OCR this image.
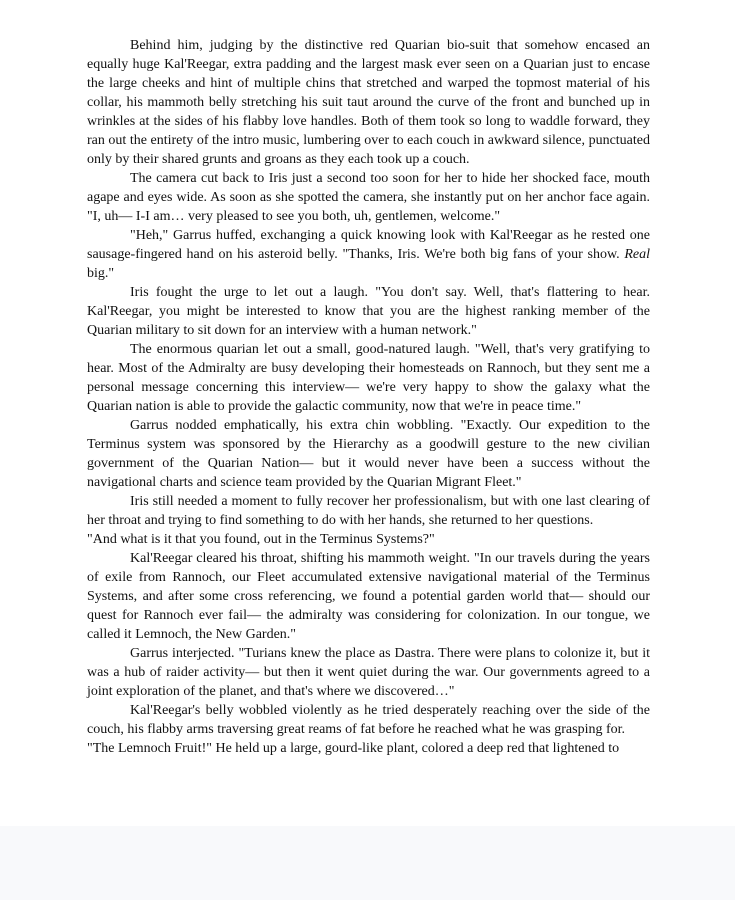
Behind him, judging by the distinctive red Quarian bio-suit that somehow encased an equally huge Kal'Reegar, extra padding and the largest mask ever seen on a Quarian just to encase the large cheeks and hint of multiple chins that stretched and warped the topmost material of his collar, his mammoth belly stretching his suit taut around the curve of the front and bunched up in wrinkles at the sides of his flabby love handles. Both of them took so long to waddle forward, they ran out the entirety of the intro music, lumbering over to each couch in awkward silence, punctuated only by their shared grunts and groans as they each took up a couch.

The camera cut back to Iris just a second too soon for her to hide her shocked face, mouth agape and eyes wide. As soon as she spotted the camera, she instantly put on her anchor face again. "I, uh— I-I am… very pleased to see you both, uh, gentlemen, welcome."

"Heh," Garrus huffed, exchanging a quick knowing look with Kal'Reegar as he rested one sausage-fingered hand on his asteroid belly. "Thanks, Iris. We're both big fans of your show. Real big."

Iris fought the urge to let out a laugh. "You don't say. Well, that's flattering to hear. Kal'Reegar, you might be interested to know that you are the highest ranking member of the Quarian military to sit down for an interview with a human network."

The enormous quarian let out a small, good-natured laugh. "Well, that's very gratifying to hear. Most of the Admiralty are busy developing their homesteads on Rannoch, but they sent me a personal message concerning this interview— we're very happy to show the galaxy what the Quarian nation is able to provide the galactic community, now that we're in peace time."

Garrus nodded emphatically, his extra chin wobbling. "Exactly. Our expedition to the Terminus system was sponsored by the Hierarchy as a goodwill gesture to the new civilian government of the Quarian Nation— but it would never have been a success without the navigational charts and science team provided by the Quarian Migrant Fleet."

Iris still needed a moment to fully recover her professionalism, but with one last clearing of her throat and trying to find something to do with her hands, she returned to her questions.

"And what is it that you found, out in the Terminus Systems?"

Kal'Reegar cleared his throat, shifting his mammoth weight. "In our travels during the years of exile from Rannoch, our Fleet accumulated extensive navigational material of the Terminus Systems, and after some cross referencing, we found a potential garden world that— should our quest for Rannoch ever fail— the admiralty was considering for colonization. In our tongue, we called it Lemnoch, the New Garden."

Garrus interjected. "Turians knew the place as Dastra. There were plans to colonize it, but it was a hub of raider activity— but then it went quiet during the war. Our governments agreed to a joint exploration of the planet, and that's where we discovered…"

Kal'Reegar's belly wobbled violently as he tried desperately reaching over the side of the couch, his flabby arms traversing great reams of fat before he reached what he was grasping for.

"The Lemnoch Fruit!" He held up a large, gourd-like plant, colored a deep red that lightened to
